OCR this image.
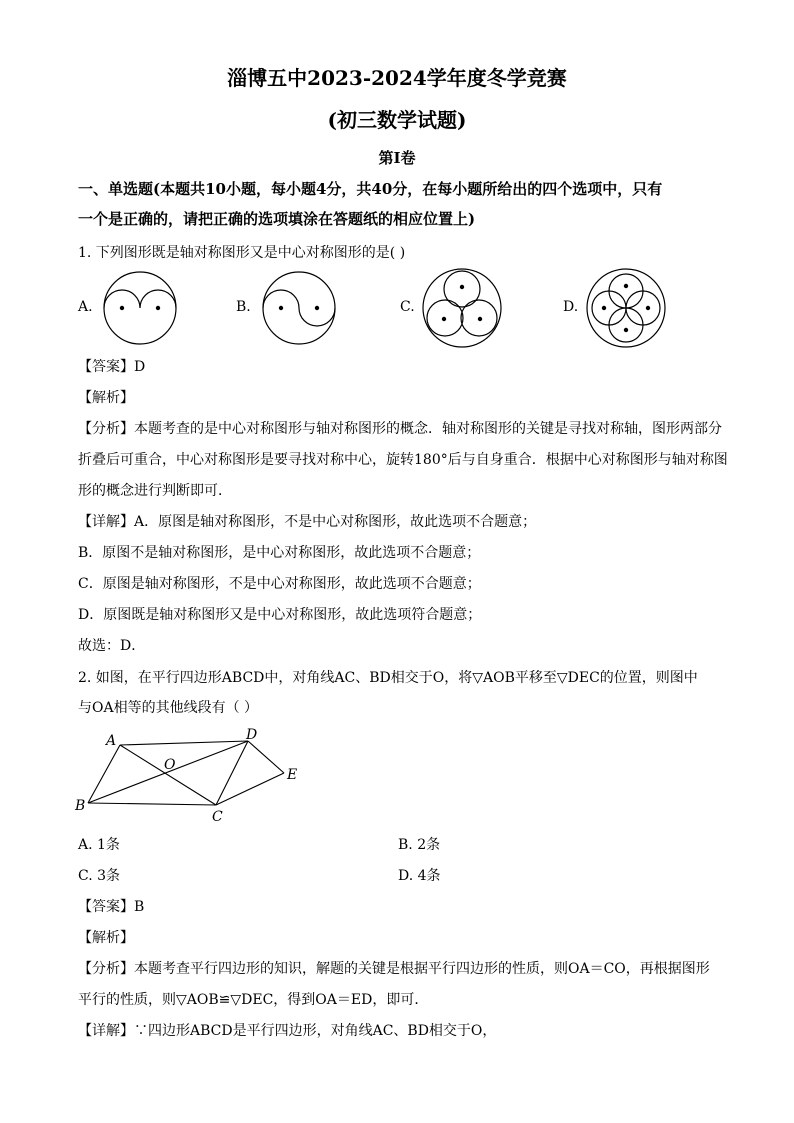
淄博五中2023-2024学年度冬学竞赛
(初三数学试题)
第Ⅰ卷
一、单选题(本题共10小题，每小题4分，共40分，在每小题所给出的四个选项中，只有
一个是正确的，请把正确的选项填涂在答题纸的相应位置上)
1. 下列图形既是轴对称图形又是中心对称图形的是( )
A.	B.	C.	D.
【答案】D
【解析】
【分析】本题考查的是中心对称图形与轴对称图形的概念．轴对称图形的关键是寻找对称轴，图形两部分
折叠后可重合，中心对称图形是要寻找对称中心，旋转180°后与自身重合．根据中心对称图形与轴对称图
形的概念进行判断即可．
【详解】A．原图是轴对称图形，不是中心对称图形，故此选项不合题意；
B．原图不是轴对称图形，是中心对称图形，故此选项不合题意；
C．原图是轴对称图形，不是中心对称图形，故此选项不合题意；
D．原图既是轴对称图形又是中心对称图形，故此选项符合题意；
故选：D．
2. 如图，在平行四边形ABCD中，对角线AC、BD相交于O，将▽AOB平移至▽DEC的位置，则图中
与OA相等的其他线段有（ ）
A
B
C
D
E
O
A. 1条	B. 2条
C. 3条	D. 4条
【答案】B
【解析】
【分析】本题考查平行四边形的知识，解题的关键是根据平行四边形的性质，则OA＝CO，再根据图形
平行的性质，则▽AOB≌▽DEC，得到OA＝ED，即可．
【详解】∵四边形ABCD是平行四边形，对角线AC、BD相交于O，
